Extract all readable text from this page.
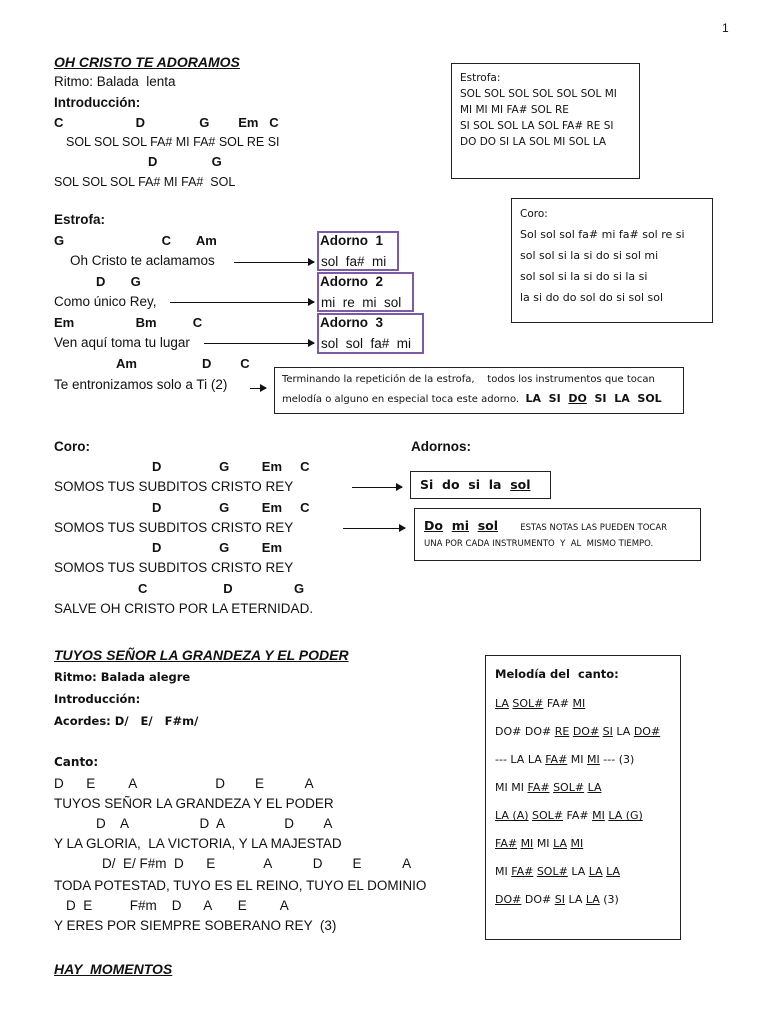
1
OH CRISTO TE ADORAMOS
Ritmo: Balada  lenta
Introducción:
C                    D               G        Em   C
SOL SOL SOL FA# MI FA# SOL RE SI
D               G
SOL SOL SOL FA# MI FA#  SOL
Estrofa:
G                           C       Am
Oh Cristo te aclamamos
D       G
Como único Rey,
Em                 Bm          C
Ven aquí toma tu lugar
Am                  D        C
Te entronizamos solo a Ti (2)
Adorno  1
sol  fa#  mi
Adorno  2
mi  re  mi  sol
Adorno  3
sol  sol  fa#  mi
Terminando la repetición de la estrofa,    todos los instrumentos que tocan
melodía o alguno en especial toca este adorno. LA SI DO SI LA SOL
Estrofa:
SOL SOL SOL SOL SOL SOL MI
MI MI MI FA# SOL RE
SI SOL SOL LA SOL FA# RE SI
DO DO SI LA SOL MI SOL LA
Coro:
Sol sol sol fa# mi fa# sol re si
sol sol si la si do si sol mi
sol sol si la si do si la si
la si do do sol do si sol sol
Coro:	Adornos:
D                G         Em     C
SOMOS TUS SUBDITOS CRISTO REY
D                G         Em     C
SOMOS TUS SUBDITOS CRISTO REY
D                G         Em
SOMOS TUS SUBDITOS CRISTO REY
C                     D                 G
SALVE OH CRISTO POR LA ETERNIDAD.
Si do si la sol
Do mi sol	ESTAS NOTAS LAS PUEDEN TOCAR
UNA POR CADA INSTRUMENTO  Y  AL  MISMO TIEMPO.
TUYOS SEÑOR LA GRANDEZA Y EL PODER
Ritmo: Balada alegre
Introducción:
Acordes: D/   E/   F#m/
Canto:
D      E         A                     D        E           A
TUYOS SEÑOR LA GRANDEZA Y EL PODER
D    A                   D  A                D        A
Y LA GLORIA,  LA VICTORIA, Y LA MAJESTAD
D/  E/ F#m  D      E             A           D        E           A
TODA POTESTAD, TUYO ES EL REINO, TUYO EL DOMINIO
D  E          F#m    D      A       E         A
Y ERES POR SIEMPRE SOBERANO REY  (3)
Melodía del  canto:
LA SOL# FA# MI
DO# DO# RE DO# SI LA DO#
--- LA LA FA# MI MI --- (3)
MI MI FA# SOL# LA
LA (A) SOL# FA# MI LA (G)
FA# MI MI LA MI
MI FA# SOL# LA LA LA
DO# DO# SI LA LA (3)
HAY  MOMENTOS
